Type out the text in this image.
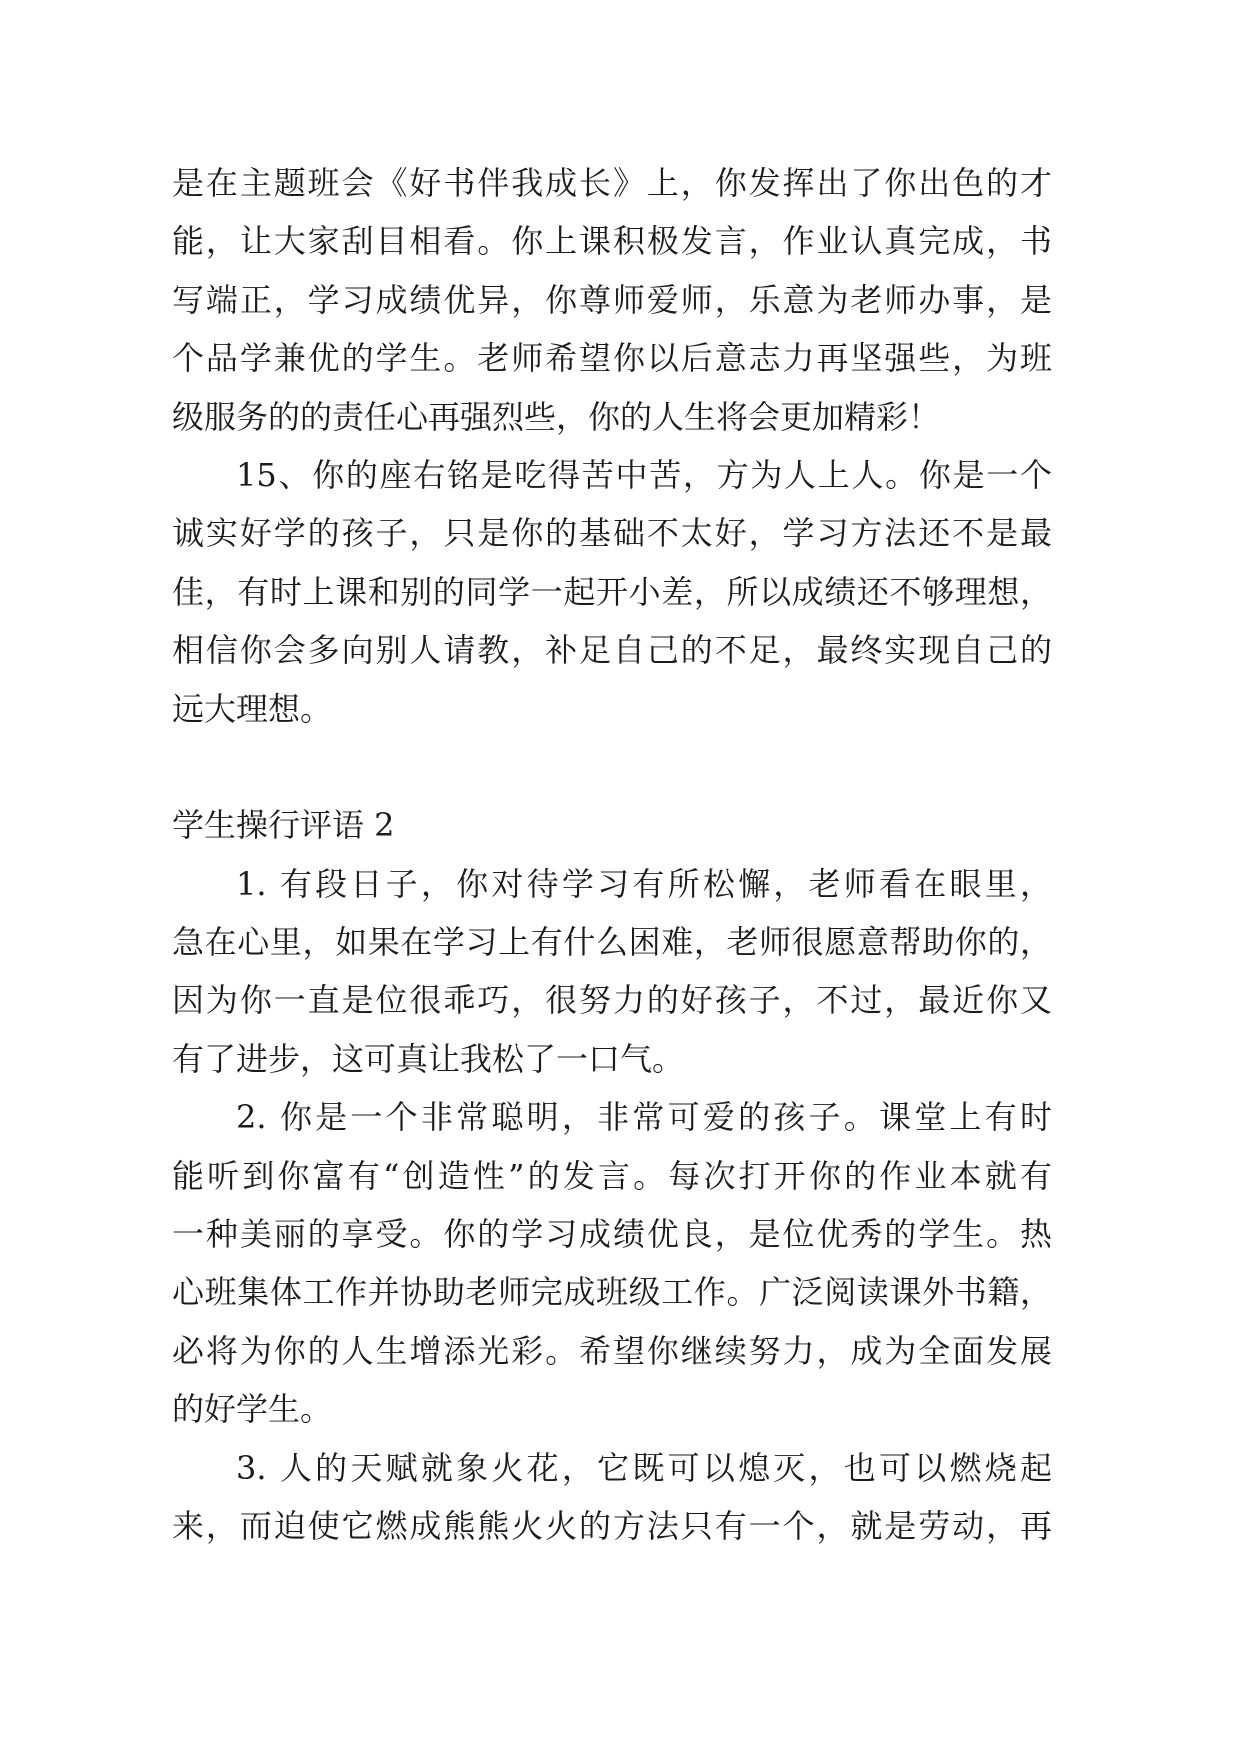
是在主题班会《好书伴我成长》上，你发挥出了你出色的才
能，让大家刮目相看。你上课积极发言，作业认真完成，书
写端正，学习成绩优异，你尊师爱师，乐意为老师办事，是
个品学兼优的学生。老师希望你以后意志力再坚强些，为班
级服务的的责任心再强烈些，你的人生将会更加精彩！
15、你的座右铭是吃得苦中苦，方为人上人。你是一个
诚实好学的孩子，只是你的基础不太好，学习方法还不是最
佳，有时上课和别的同学一起开小差，所以成绩还不够理想，
相信你会多向别人请教，补足自己的不足，最终实现自己的
远大理想。
学生操行评语 2
1. 有段日子，你对待学习有所松懈，老师看在眼里，
急在心里，如果在学习上有什么困难，老师很愿意帮助你的，
因为你一直是位很乖巧，很努力的好孩子，不过，最近你又
有了进步，这可真让我松了一口气。
2. 你是一个非常聪明，非常可爱的孩子。课堂上有时
能听到你富有“创造性”的发言。每次打开你的作业本就有
一种美丽的享受。你的学习成绩优良，是位优秀的学生。热
心班集体工作并协助老师完成班级工作。广泛阅读课外书籍，
必将为你的人生增添光彩。希望你继续努力，成为全面发展
的好学生。
3. 人的天赋就象火花，它既可以熄灭，也可以燃烧起
来，而迫使它燃成熊熊火火的方法只有一个，就是劳动，再
